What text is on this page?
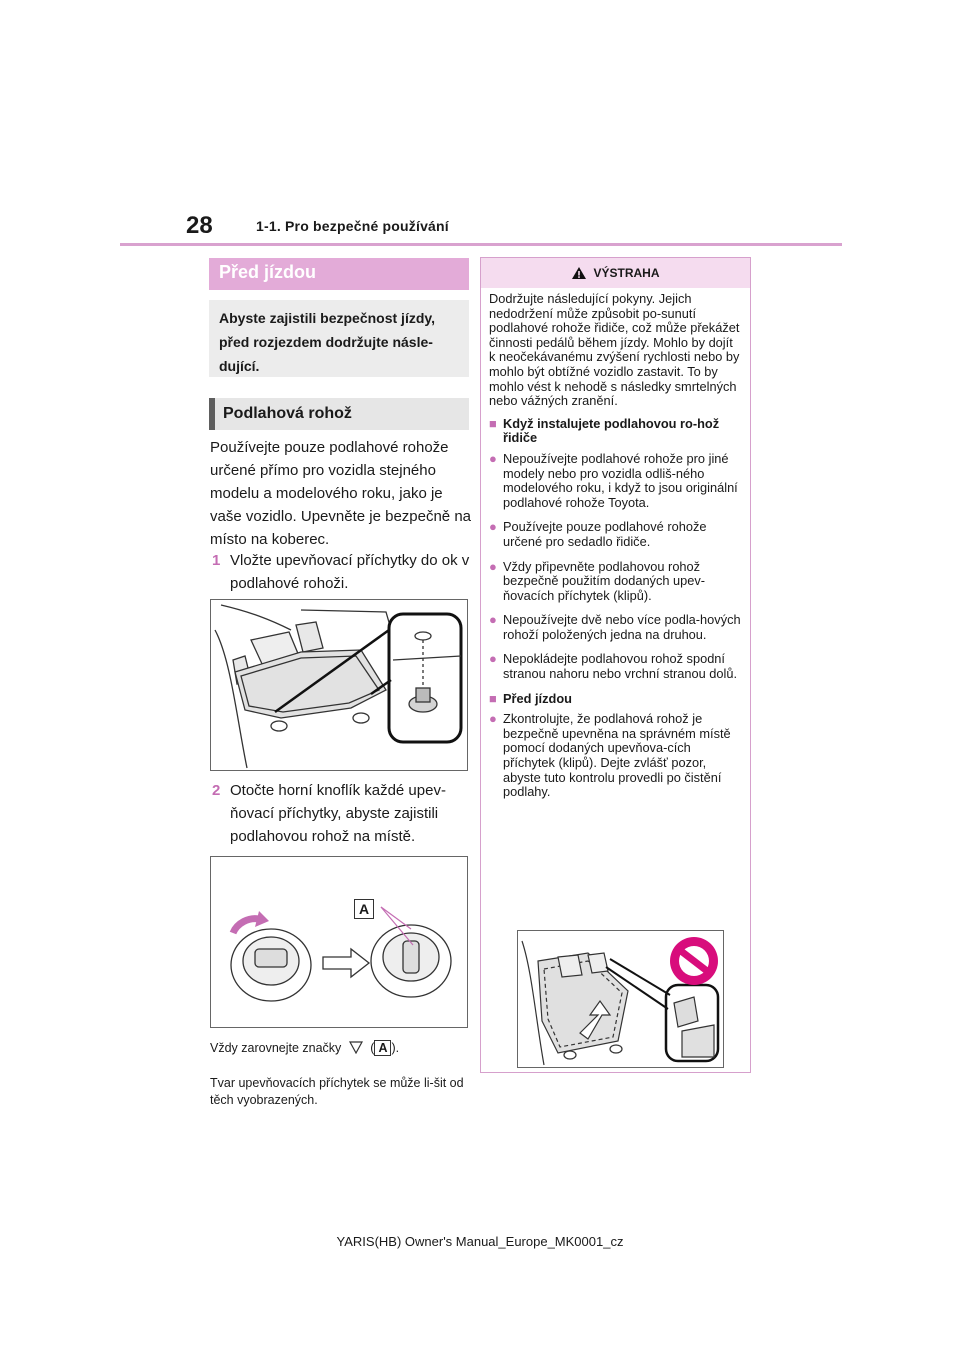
28	1-1. Pro bezpečné používání
Před jízdou
Abyste zajistili bezpečnost jízdy, před rozjezdem dodržujte násle-dující.
Podlahová rohož
Používejte pouze podlahové rohože určené přímo pro vozidla stejného modelu a modelového roku, jako je vaše vozidlo. Upevněte je bezpečně na místo na koberec.
1 Vložte upevňovací příchytky do ok v podlahové rohoži.
2 Otočte horní knoflík každé upev-ňovací příchytky, abyste zajistili podlahovou rohož na místě.
A
Vždy zarovnejte značky  ( A ).
Tvar upevňovacích příchytek se může li-šit od těch vyobrazených.
VÝSTRAHA
Dodržujte následující pokyny. Jejich nedodržení může způsobit po-sunutí podlahové rohože řidiče, což může překážet činnosti pedálů během jízdy. Mohlo by dojít k neočekávanému zvýšení rychlosti nebo by mohlo být obtížné vozidlo zastavit. To by mohlo vést k nehodě s následky smrtelných nebo vážných zranění.
■ Když instalujete podlahovou ro-hož řidiče
● Nepoužívejte podlahové rohože pro jiné modely nebo pro vozidla odliš-ného modelového roku, i když to jsou originální podlahové rohože Toyota.
● Používejte pouze podlahové rohože určené pro sedadlo řidiče.
● Vždy připevněte podlahovou rohož bezpečně použitím dodaných upev-ňovacích příchytek (klipů).
● Nepoužívejte dvě nebo více podla-hových rohoží položených jedna na druhou.
● Nepokládejte podlahovou rohož spodní stranou nahoru nebo vrchní stranou dolů.
■ Před jízdou
● Zkontrolujte, že podlahová rohož je bezpečně upevněna na správném místě pomocí dodaných upevňova-cích příchytek (klipů). Dejte zvlášť pozor, abyste tuto kontrolu provedli po čistění podlahy.
YARIS(HB) Owner's Manual_Europe_MK0001_cz
